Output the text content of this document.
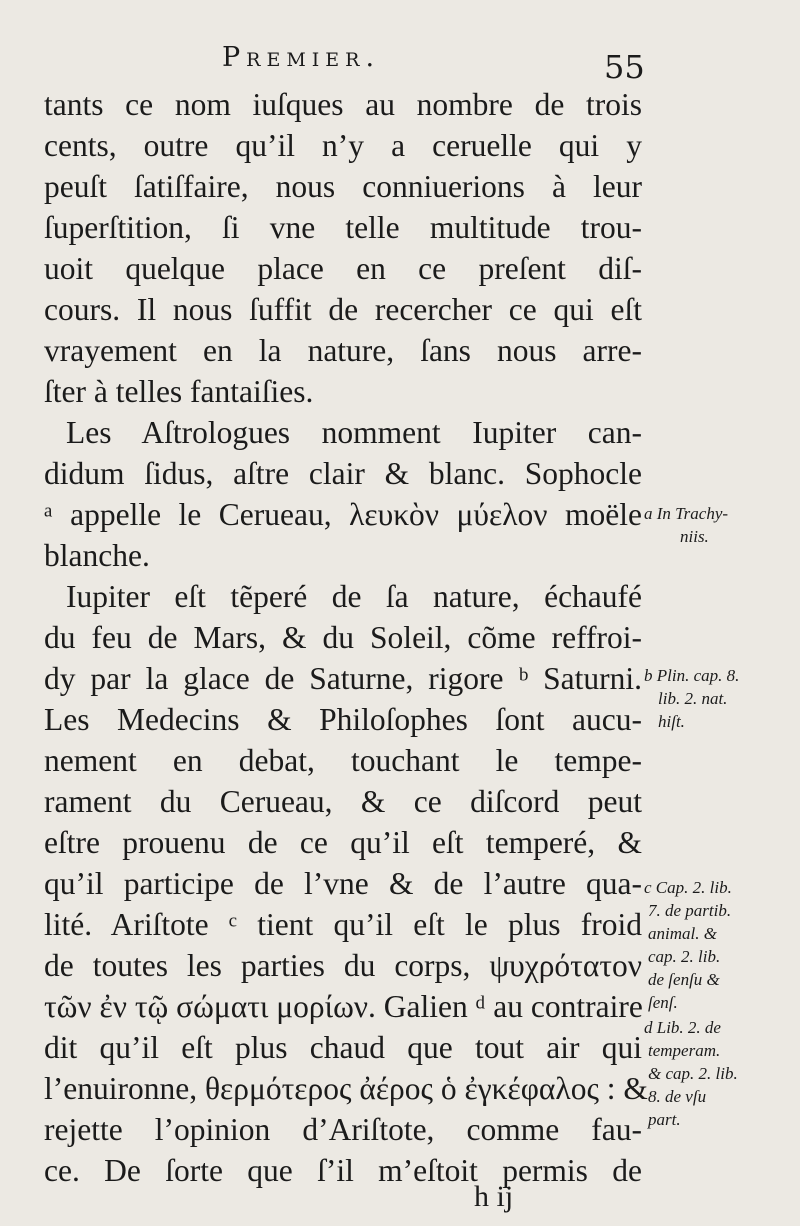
Premier.	55
tants ce nom iuſques au nombre de trois
cents, outre qu’il n’y a ceruelle qui y
peuſt ſatiſfaire, nous conniuerions à leur
ſuperſtition, ſi vne telle multitude trou-
uoit quelque place en ce preſent diſ-
cours. Il nous ſuffit de recercher ce qui eſt
vrayement en la nature, ſans nous arre-
ſter à telles fantaiſies.
Les Aſtrologues nomment Iupiter can-
didum ſidus, aſtre clair & blanc. Sophocle
ᵃ appelle le Cerueau, λευκὸν μύελον moële
blanche.
Iupiter eſt tẽperé de ſa nature, échaufé
du feu de Mars, & du Soleil, cõme reffroi-
dy par la glace de Saturne, rigore ᵇ Saturni.
Les Medecins & Philoſophes ſont aucu-
nement en debat, touchant le tempe-
rament du Cerueau, & ce diſcord peut
eſtre prouenu de ce qu’il eſt temperé, &
qu’il participe de l’vne & de l’autre qua-
lité. Ariſtote ᶜ tient qu’il eſt le plus froid
de toutes les parties du corps, ψυχρότατον
τῶν ἐν τῷ σώματι μορίων. Galien ᵈ au contraire
dit qu’il eſt plus chaud que tout air qui
l’enuironne, θερμότερος ἀέρος ὁ ἐγκέφαλος : &
rejette l’opinion d’Ariſtote, comme fau-
ce. De ſorte que ſ’il m’eſtoit permis de
a In Trachy-
niis.
b Plin. cap. 8.
lib. 2. nat.
hiſt.
c Cap. 2. lib.
7. de partib.
animal. &
cap. 2. lib.
de ſenſu &
ſenſ.
d Lib. 2. de
temperam.
& cap. 2. lib.
8. de vſu
part.
h ij
